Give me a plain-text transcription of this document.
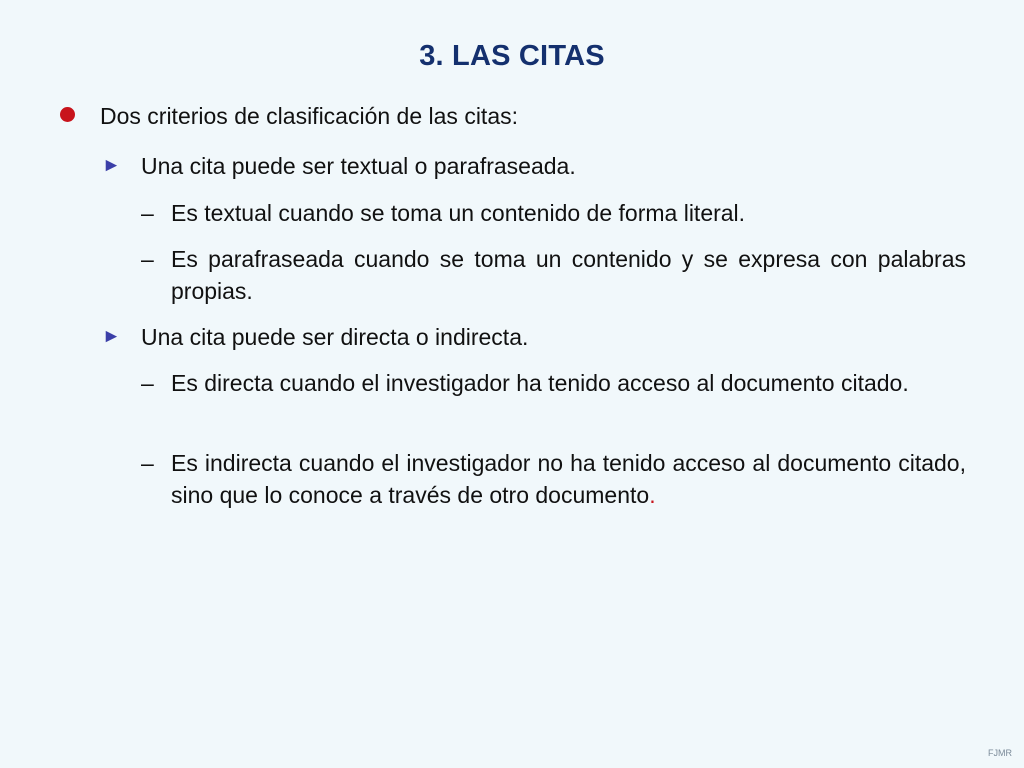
3. LAS CITAS
Dos criterios de clasificación de las citas:
► Una cita puede ser textual o parafraseada.
– Es textual cuando se toma un contenido de forma literal.
– Es parafraseada cuando se toma un contenido y se expresa con palabras propias.
► Una cita puede ser directa o indirecta.
– Es directa cuando el investigador ha tenido acceso al documento citado.
– Es indirecta cuando el investigador no ha tenido acceso al documento citado, sino que lo conoce a través de otro documento.
FJMR
